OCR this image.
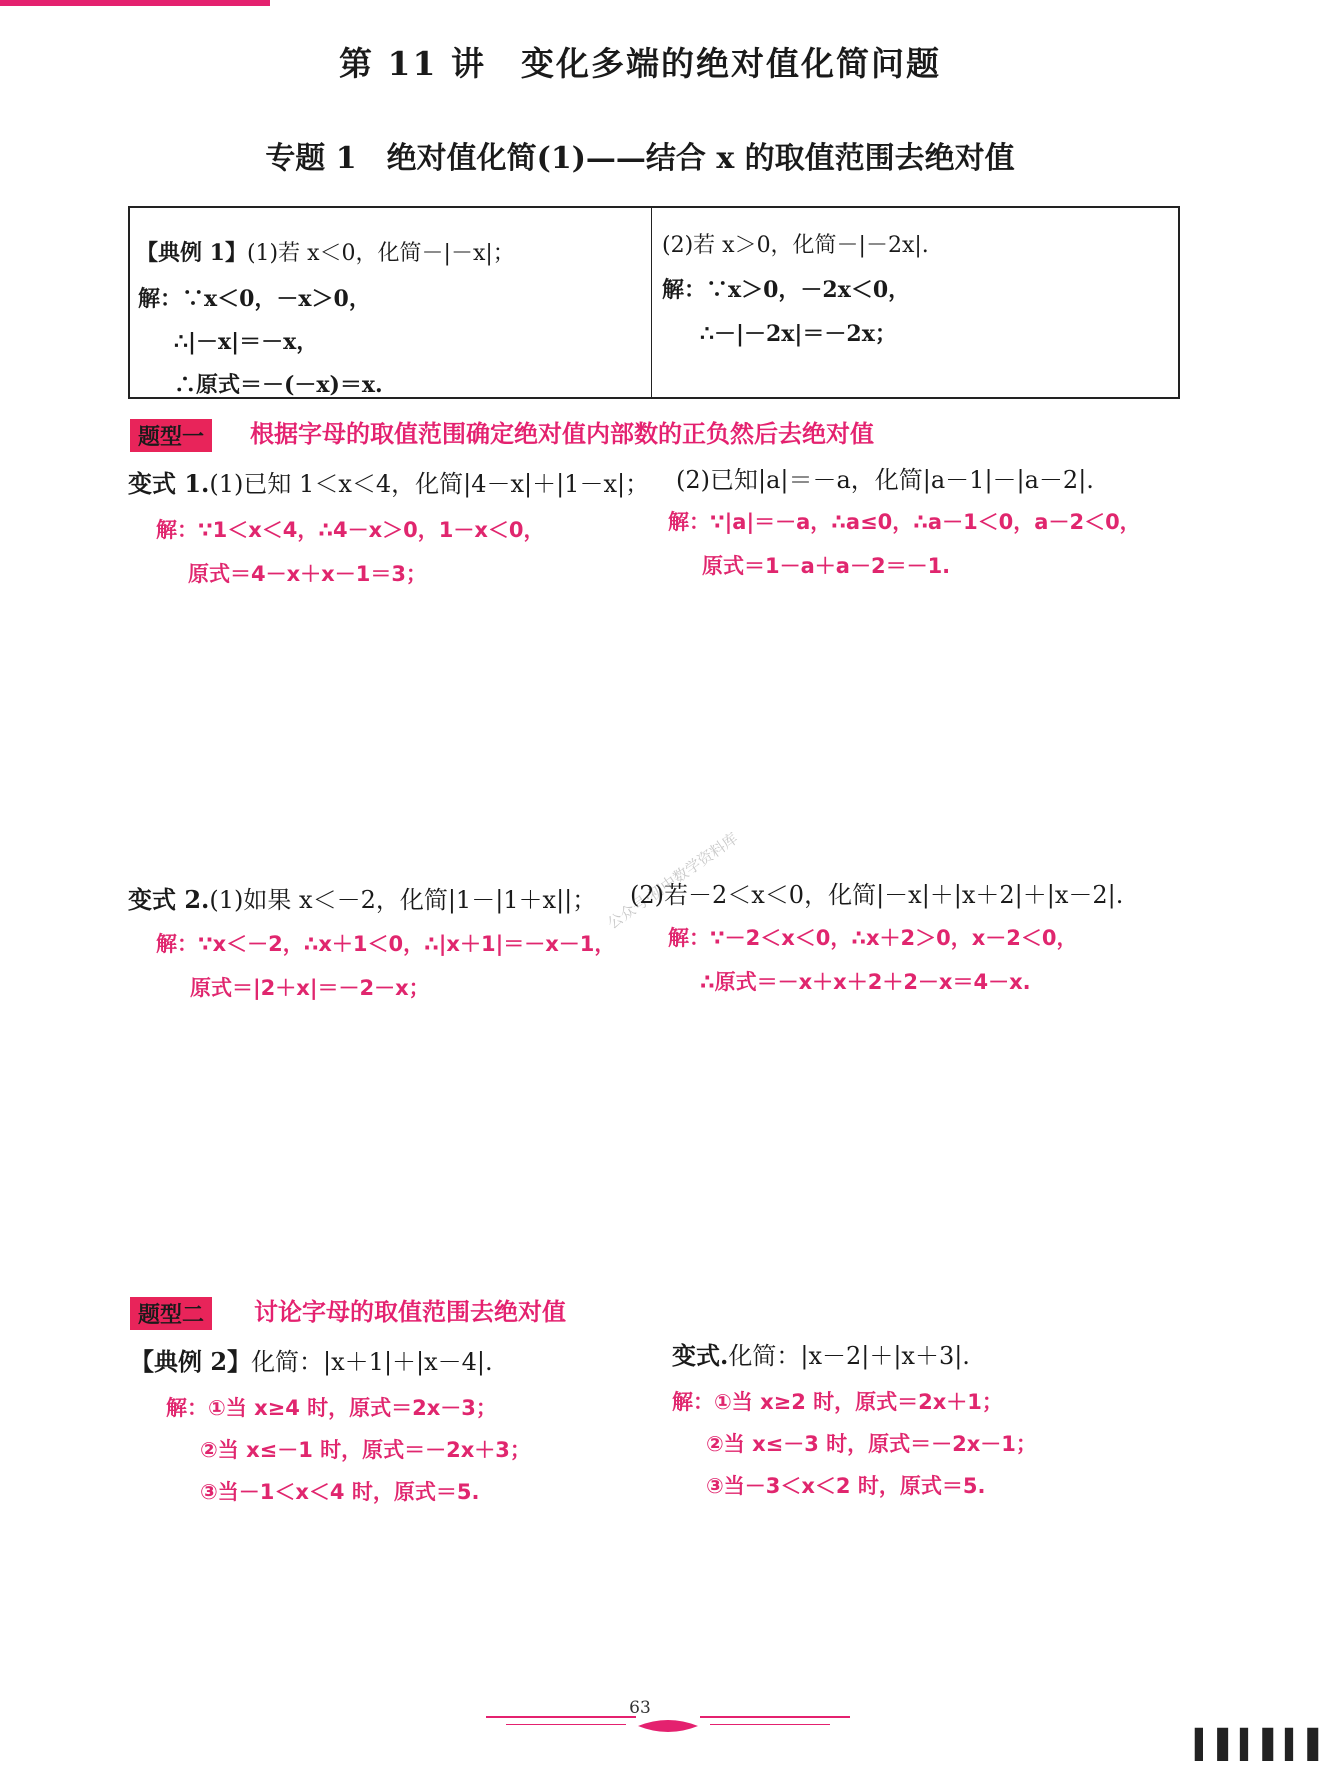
第 11 讲　变化多端的绝对值化简问题
专题 1　绝对值化简(1)——结合 x 的取值范围去绝对值
【典例 1】(1)若 x＜0，化简－|－x|；
解：∵x＜0，－x＞0，
∴|－x|＝－x，
∴原式＝－(－x)＝x.
(2)若 x＞0，化简－|－2x|.
解：∵x＞0，－2x＜0，
∴－|－2x|＝－2x；
题型一	根据字母的取值范围确定绝对值内部数的正负然后去绝对值
变式 1.(1)已知 1＜x＜4，化简|4－x|＋|1－x|； (2)已知|a|＝－a，化简|a－1|－|a－2|.
解：∵1＜x＜4，∴4－x＞0，1－x＜0，
原式＝4－x＋x－1＝3；
解：∵|a|＝－a，∴a≤0，∴a－1＜0，a－2＜0，
原式＝1－a＋a－2＝－1.
公众号·初中数学资料库
变式 2.(1)如果 x＜－2，化简|1－|1＋x||； (2)若－2＜x＜0，化简|－x|＋|x＋2|＋|x－2|.
解：∵x＜－2，∴x＋1＜0，∴|x＋1|＝－x－1，
原式＝|2＋x|＝－2－x；
解：∵－2＜x＜0，∴x＋2＞0，x－2＜0，
∴原式＝－x＋x＋2＋2－x＝4－x.
题型二	讨论字母的取值范围去绝对值
【典例 2】化简：|x＋1|＋|x－4|.
解：①当 x≥4 时，原式＝2x－3；
②当 x≤－1 时，原式＝－2x＋3；
③当－1＜x＜4 时，原式＝5.
变式.化简：|x－2|＋|x＋3|.
解：①当 x≥2 时，原式＝2x＋1；
②当 x≤－3 时，原式＝－2x－1；
③当－3＜x＜2 时，原式＝5.
63
▍▌▍▌▍▌
